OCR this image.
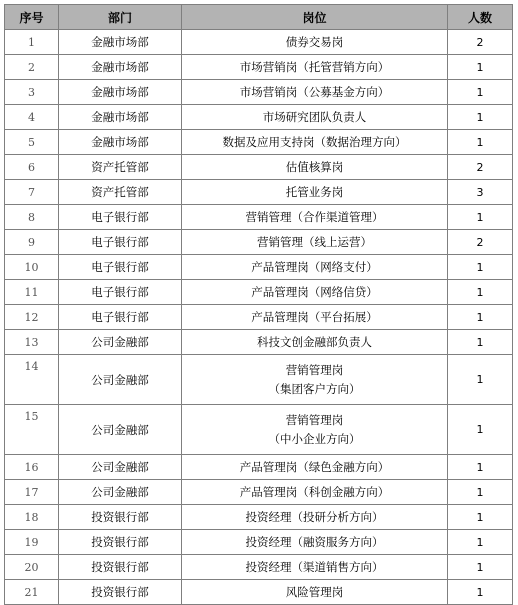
序号	部门	岗位	人数
1	金融市场部	债券交易岗	2
2	金融市场部	市场营销岗（托管营销方向）	1
3	金融市场部	市场营销岗（公募基金方向）	1
4	金融市场部	市场研究团队负责人	1
5	金融市场部	数据及应用支持岗（数据治理方向）	1
6	资产托管部	估值核算岗	2
7	资产托管部	托管业务岗	3
8	电子银行部	营销管理（合作渠道管理）	1
9	电子银行部	营销管理（线上运营）	2
10	电子银行部	产品管理岗（网络支付）	1
11	电子银行部	产品管理岗（网络信贷）	1
12	电子银行部	产品管理岗（平台拓展）	1
13	公司金融部	科技文创金融部负责人	1
14	公司金融部	营销管理岗
（集团客户方向）	1
15	公司金融部	营销管理岗
（中小企业方向）	1
16	公司金融部	产品管理岗（绿色金融方向）	1
17	公司金融部	产品管理岗（科创金融方向）	1
18	投资银行部	投资经理（投研分析方向）	1
19	投资银行部	投资经理（融资服务方向）	1
20	投资银行部	投资经理（渠道销售方向）	1
21	投资银行部	风险管理岗	1
